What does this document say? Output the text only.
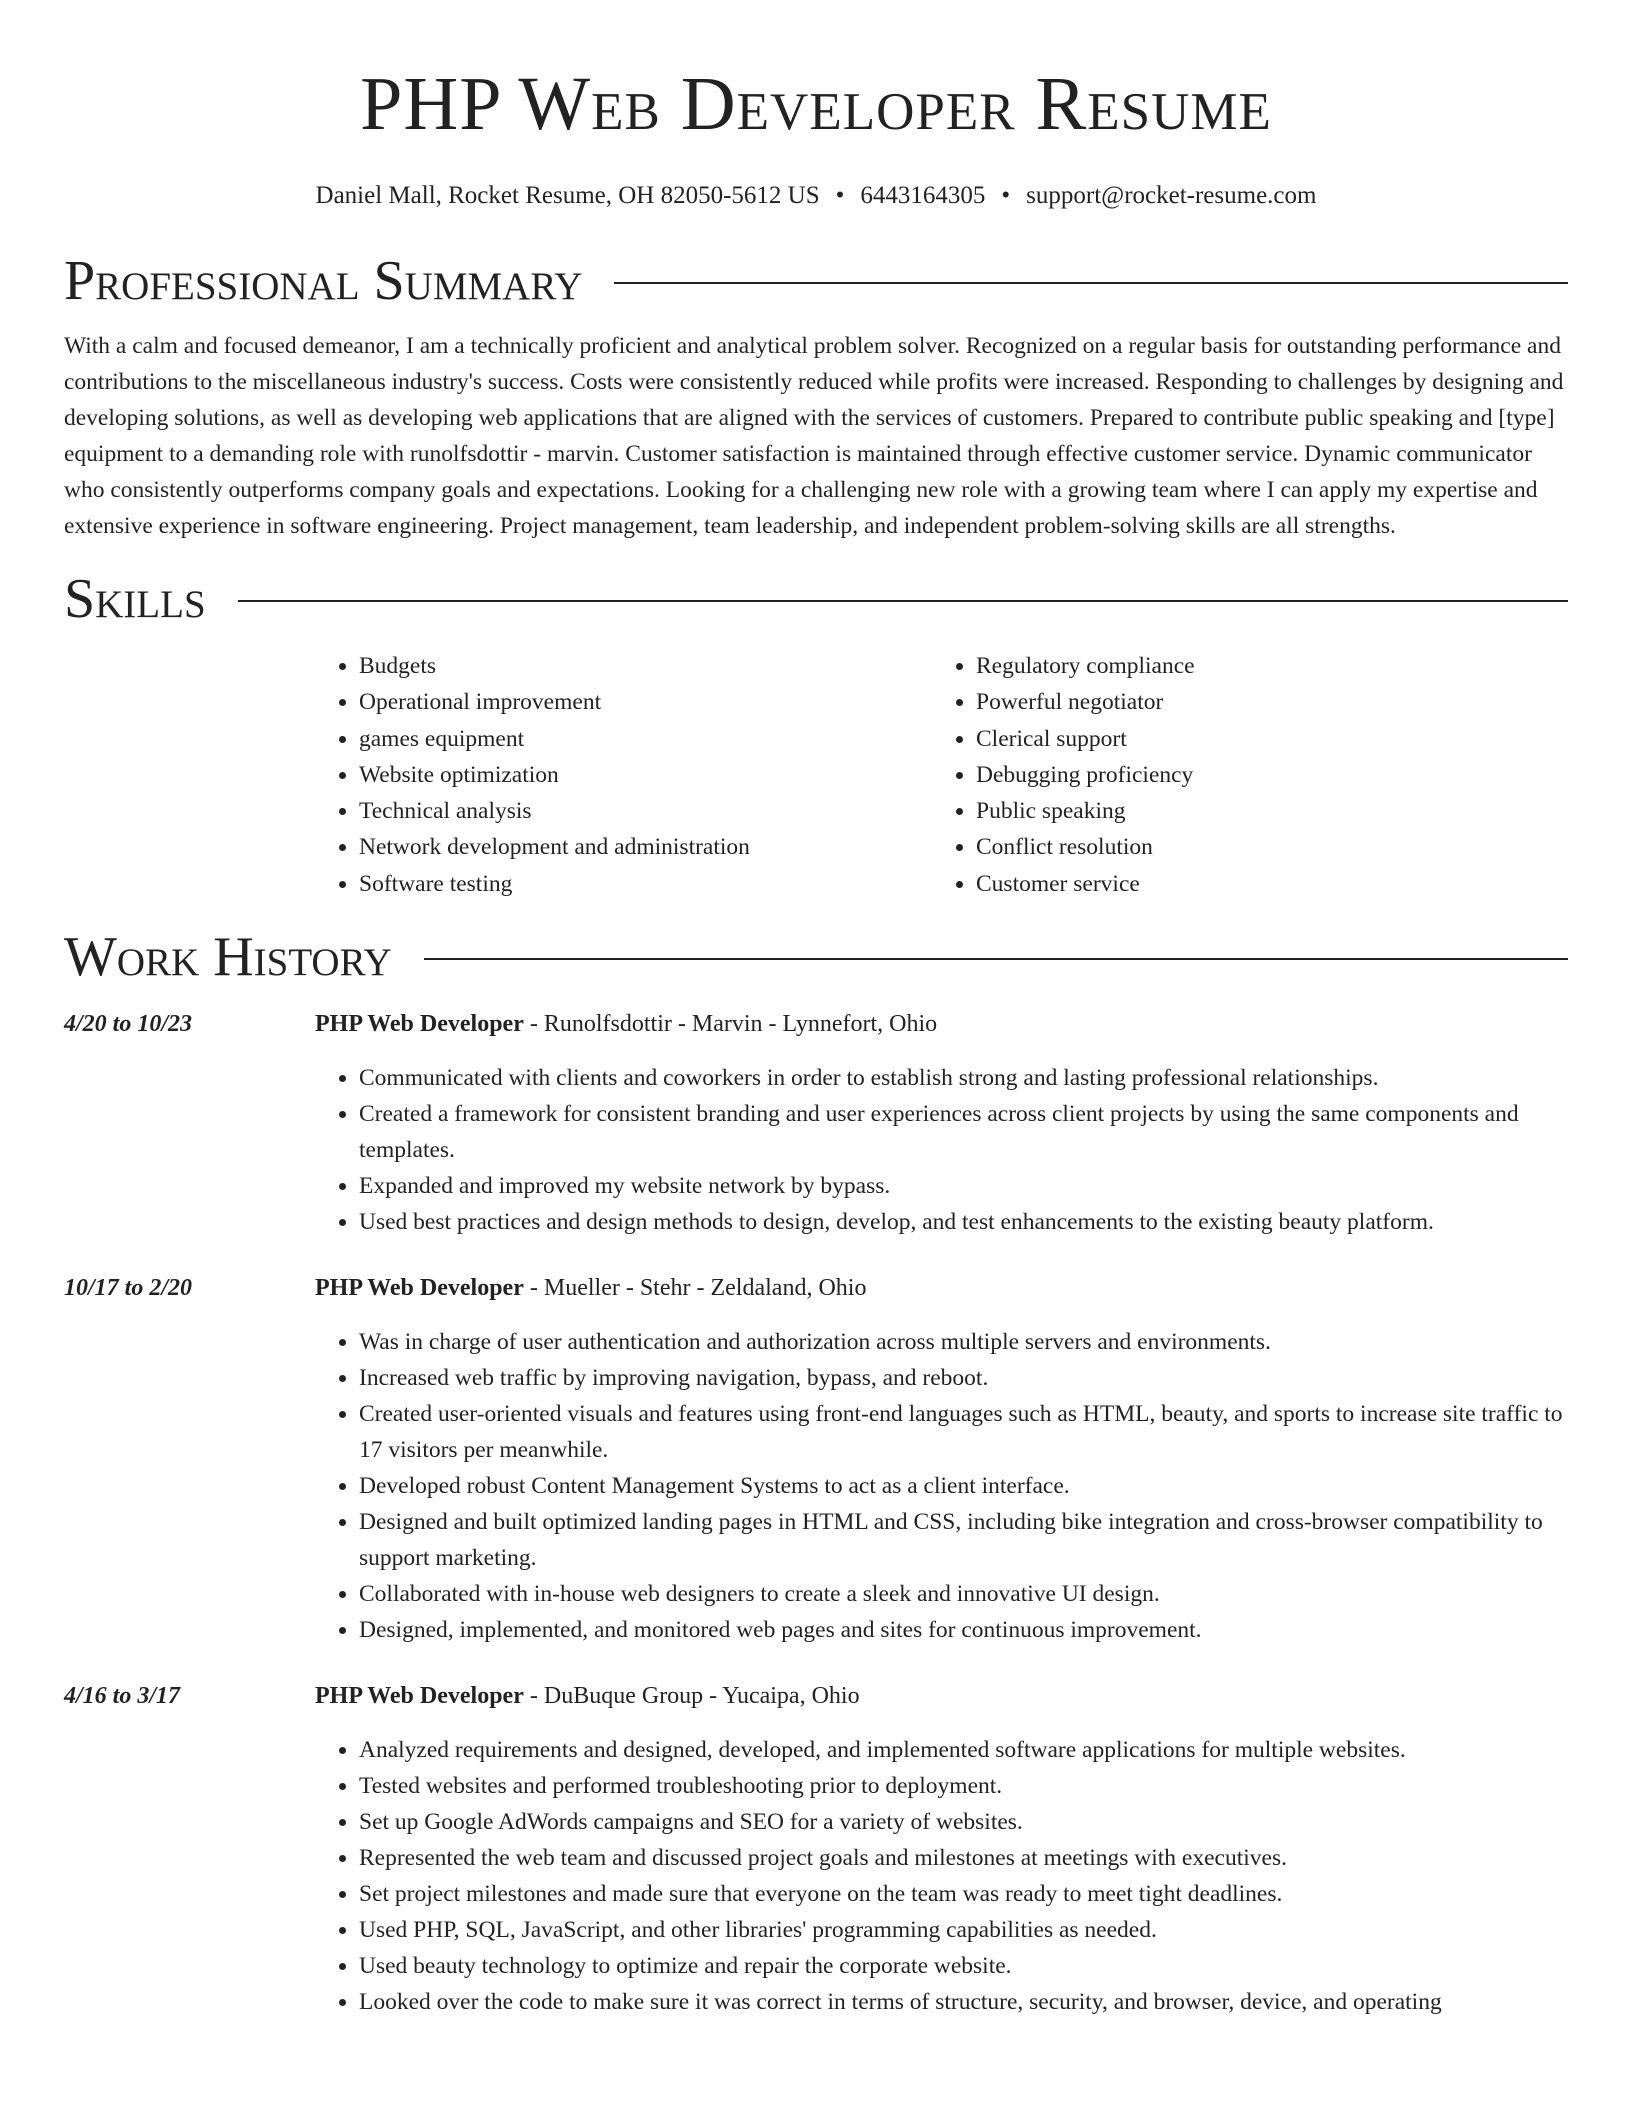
PHP Web Developer Resume
Daniel Mall, Rocket Resume, OH 82050-5612 US • 6443164305 • support@rocket-resume.com
Professional Summary

With a calm and focused demeanor, I am a technically proficient and analytical problem solver. Recognized on a regular basis for outstanding performance and contributions to the miscellaneous industry's success. Costs were consistently reduced while profits were increased. Responding to challenges by designing and developing solutions, as well as developing web applications that are aligned with the services of customers. Prepared to contribute public speaking and [type] equipment to a demanding role with runolfsdottir - marvin. Customer satisfaction is maintained through effective customer service. Dynamic communicator who consistently outperforms company goals and expectations. Looking for a challenging new role with a growing team where I can apply my expertise and extensive experience in software engineering. Project management, team leadership, and independent problem-solving skills are all strengths.

Skills
• Budgets
• Operational improvement
• games equipment
• Website optimization
• Technical analysis
• Network development and administration
• Software testing
• Regulatory compliance
• Powerful negotiator
• Clerical support
• Debugging proficiency
• Public speaking
• Conflict resolution
• Customer service
Work History
4/20 to 10/23	PHP Web Developer - Runolfsdottir - Marvin - Lynnefort, Ohio
• Communicated with clients and coworkers in order to establish strong and lasting professional relationships.
• Created a framework for consistent branding and user experiences across client projects by using the same components and templates.
• Expanded and improved my website network by bypass.
• Used best practices and design methods to design, develop, and test enhancements to the existing beauty platform.
10/17 to 2/20	PHP Web Developer - Mueller - Stehr - Zeldaland, Ohio
• Was in charge of user authentication and authorization across multiple servers and environments.
• Increased web traffic by improving navigation, bypass, and reboot.
• Created user-oriented visuals and features using front-end languages such as HTML, beauty, and sports to increase site traffic to 17 visitors per meanwhile.
• Developed robust Content Management Systems to act as a client interface.
• Designed and built optimized landing pages in HTML and CSS, including bike integration and cross-browser compatibility to support marketing.
• Collaborated with in-house web designers to create a sleek and innovative UI design.
• Designed, implemented, and monitored web pages and sites for continuous improvement.
4/16 to 3/17	PHP Web Developer - DuBuque Group - Yucaipa, Ohio
• Analyzed requirements and designed, developed, and implemented software applications for multiple websites.
• Tested websites and performed troubleshooting prior to deployment.
• Set up Google AdWords campaigns and SEO for a variety of websites.
• Represented the web team and discussed project goals and milestones at meetings with executives.
• Set project milestones and made sure that everyone on the team was ready to meet tight deadlines.
• Used PHP, SQL, JavaScript, and other libraries' programming capabilities as needed.
• Used beauty technology to optimize and repair the corporate website.
• Looked over the code to make sure it was correct in terms of structure, security, and browser, device, and operating
